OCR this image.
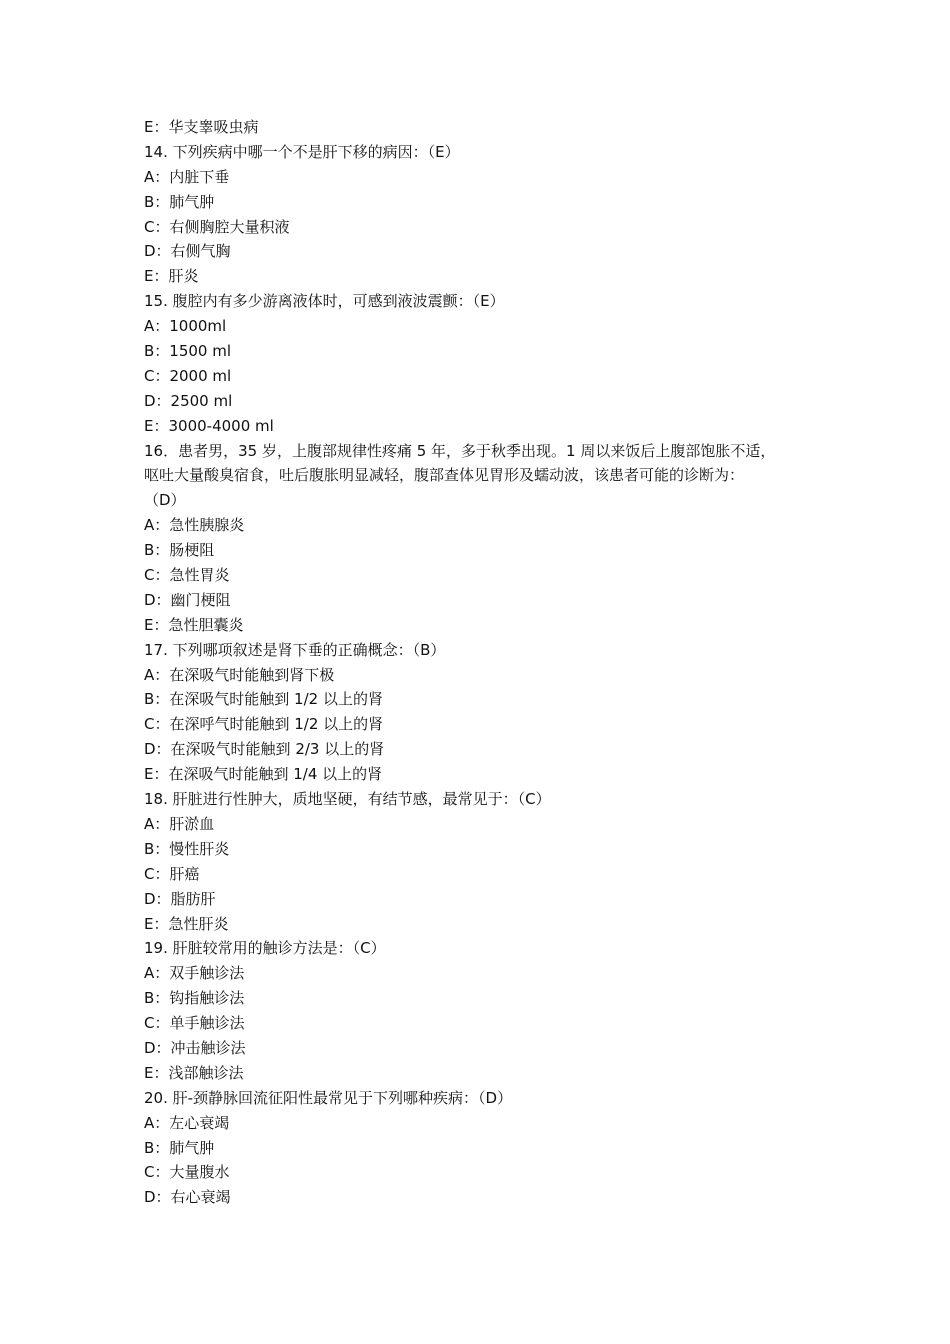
E：华支睾吸虫病
14. 下列疾病中哪一个不是肝下移的病因：（E）
A：内脏下垂
B：肺气肿
C：右侧胸腔大量积液
D：右侧气胸
E：肝炎
15. 腹腔内有多少游离液体时，可感到液波震颤：（E）
A：1000ml
B：1500 ml
C：2000 ml
D：2500 ml
E：3000-4000 ml
16．患者男，35 岁，上腹部规律性疼痛 5 年，多于秋季出现。1 周以来饭后上腹部饱胀不适，
呕吐大量酸臭宿食，吐后腹胀明显减轻，腹部查体见胃形及蠕动波，该患者可能的诊断为：
（D）
A：急性胰腺炎
B：肠梗阻
C：急性胃炎
D：幽门梗阻
E：急性胆囊炎
17. 下列哪项叙述是肾下垂的正确概念：（B）
A：在深吸气时能触到肾下极
B：在深吸气时能触到 1/2 以上的肾
C：在深呼气时能触到 1/2 以上的肾
D：在深吸气时能触到 2/3 以上的肾
E：在深吸气时能触到 1/4 以上的肾
18. 肝脏进行性肿大，质地坚硬，有结节感，最常见于：（C）
A：肝淤血
B：慢性肝炎
C：肝癌
D：脂肪肝
E：急性肝炎
19. 肝脏较常用的触诊方法是：（C）
A：双手触诊法
B：钩指触诊法
C：单手触诊法
D：冲击触诊法
E：浅部触诊法
20. 肝-颈静脉回流征阳性最常见于下列哪种疾病：（D）
A：左心衰竭
B：肺气肿
C：大量腹水
D：右心衰竭
